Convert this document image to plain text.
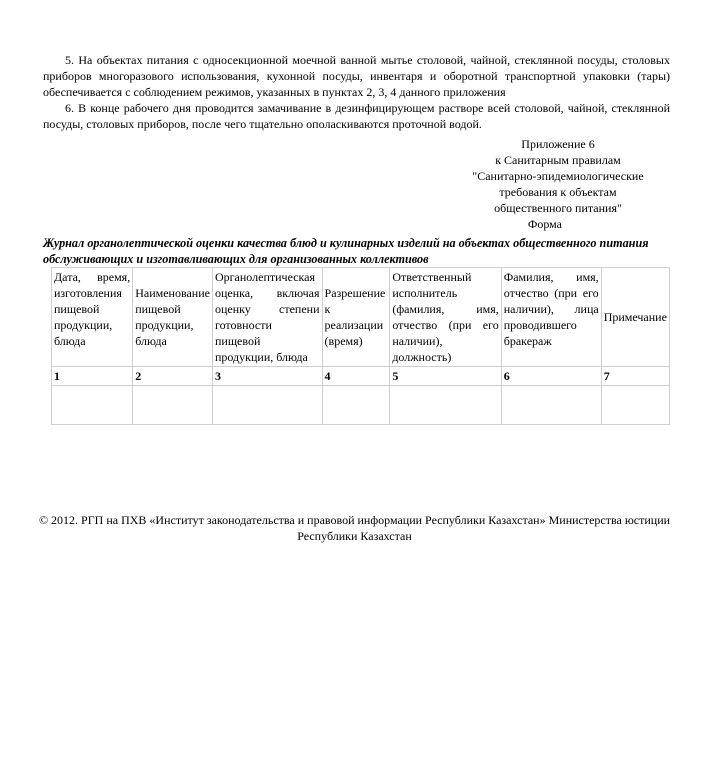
5. На объектах питания с односекционной моечной ванной мытье столовой, чайной, стеклянной посуды, столовых приборов многоразового использования, кухонной посуды, инвентаря и оборотной транспортной упаковки (тары) обеспечивается с соблюдением режимов, указанных в пунктах 2, 3, 4 данного приложения

6. В конце рабочего дня проводится замачивание в дезинфицирующем растворе всей столовой, чайной, стеклянной посуды, столовых приборов, после чего тщательно ополаскиваются проточной водой.

Приложение 6
к Санитарным правилам
"Санитарно-эпидемиологические
требования к объектам
общественного питания"
Форма
Журнал органолептической оценки качества блюд и кулинарных изделий на объектах общественного питания обслуживающих и изготавливающих для организованных коллективов
Дата, время, изготовления пищевой продукции, блюда	Наименование пищевой продукции, блюда	Органолептическая оценка, включая оценку степени готовности пищевой продукции, блюда	Разрешение к реализации (время)	Ответственный исполнитель (фамилия, имя, отчество (при его наличии), должность)	Фамилия, имя, отчество (при его наличии), лица проводившего бракераж	Примечание
1	2	3	4	5	6	7

© 2012. РГП на ПХВ «Институт законодательства и правовой информации Республики Казахстан» Министерства юстиции
Республики Казахстан
